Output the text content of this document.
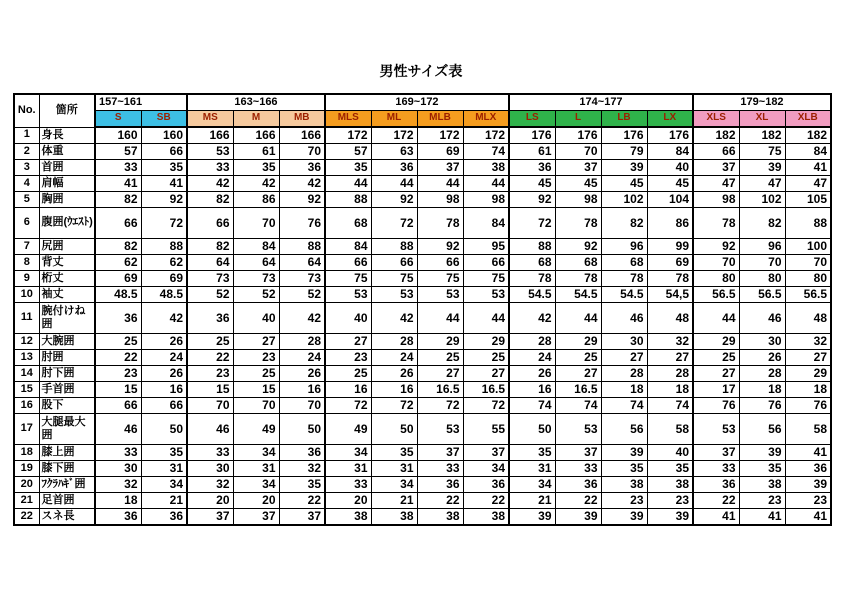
男性サイズ表
No.	箇所	157~161		163~166			169~172				174~177				179~182		
		S	SB	MS	M	MB	MLS	ML	MLB	MLX	LS	L	LB	LX	XLS	XL	XLB
1	身長	160	160	166	166	166	172	172	172	172	176	176	176	176	182	182	182
2	体重	57	66	53	61	70	57	63	69	74	61	70	79	84	66	75	84
3	首囲	33	35	33	35	36	35	36	37	38	36	37	39	40	37	39	41
4	肩幅	41	41	42	42	42	44	44	44	44	45	45	45	45	47	47	47
5	胸囲	82	92	82	86	92	88	92	98	98	92	98	102	104	98	102	105
6	腹囲(ｳｴｽﾄ)	66	72	66	70	76	68	72	78	84	72	78	82	86	78	82	88
7	尻囲	82	88	82	84	88	84	88	92	95	88	92	96	99	92	96	100
8	背丈	62	62	64	64	64	66	66	66	66	68	68	68	69	70	70	70
9	桁丈	69	69	73	73	73	75	75	75	75	78	78	78	78	80	80	80
10	袖丈	48.5	48.5	52	52	52	53	53	53	53	54.5	54.5	54.5	54,5	56.5	56.5	56.5
11	腕付けね囲	36	42	36	40	42	40	42	44	44	42	44	46	48	44	46	48
12	大腕囲	25	26	25	27	28	27	28	29	29	28	29	30	32	29	30	32
13	肘囲	22	24	22	23	24	23	24	25	25	24	25	27	27	25	26	27
14	肘下囲	23	26	23	25	26	25	26	27	27	26	27	28	28	27	28	29
15	手首囲	15	16	15	15	16	16	16	16.5	16.5	16	16.5	18	18	17	18	18
16	股下	66	66	70	70	70	72	72	72	72	74	74	74	74	76	76	76
17	大腿最大囲	46	50	46	49	50	49	50	53	55	50	53	56	58	53	56	58
18	膝上囲	33	35	33	34	36	34	35	37	37	35	37	39	40	37	39	41
19	膝下囲	30	31	30	31	32	31	31	33	34	31	33	35	35	33	35	36
20	ﾌｸﾗﾊｷﾞ囲	32	34	32	34	35	33	34	36	36	34	36	38	38	36	38	39
21	足首囲	18	21	20	20	22	20	21	22	22	21	22	23	23	22	23	23
22	スネ長	36	36	37	37	37	38	38	38	38	39	39	39	39	41	41	41
